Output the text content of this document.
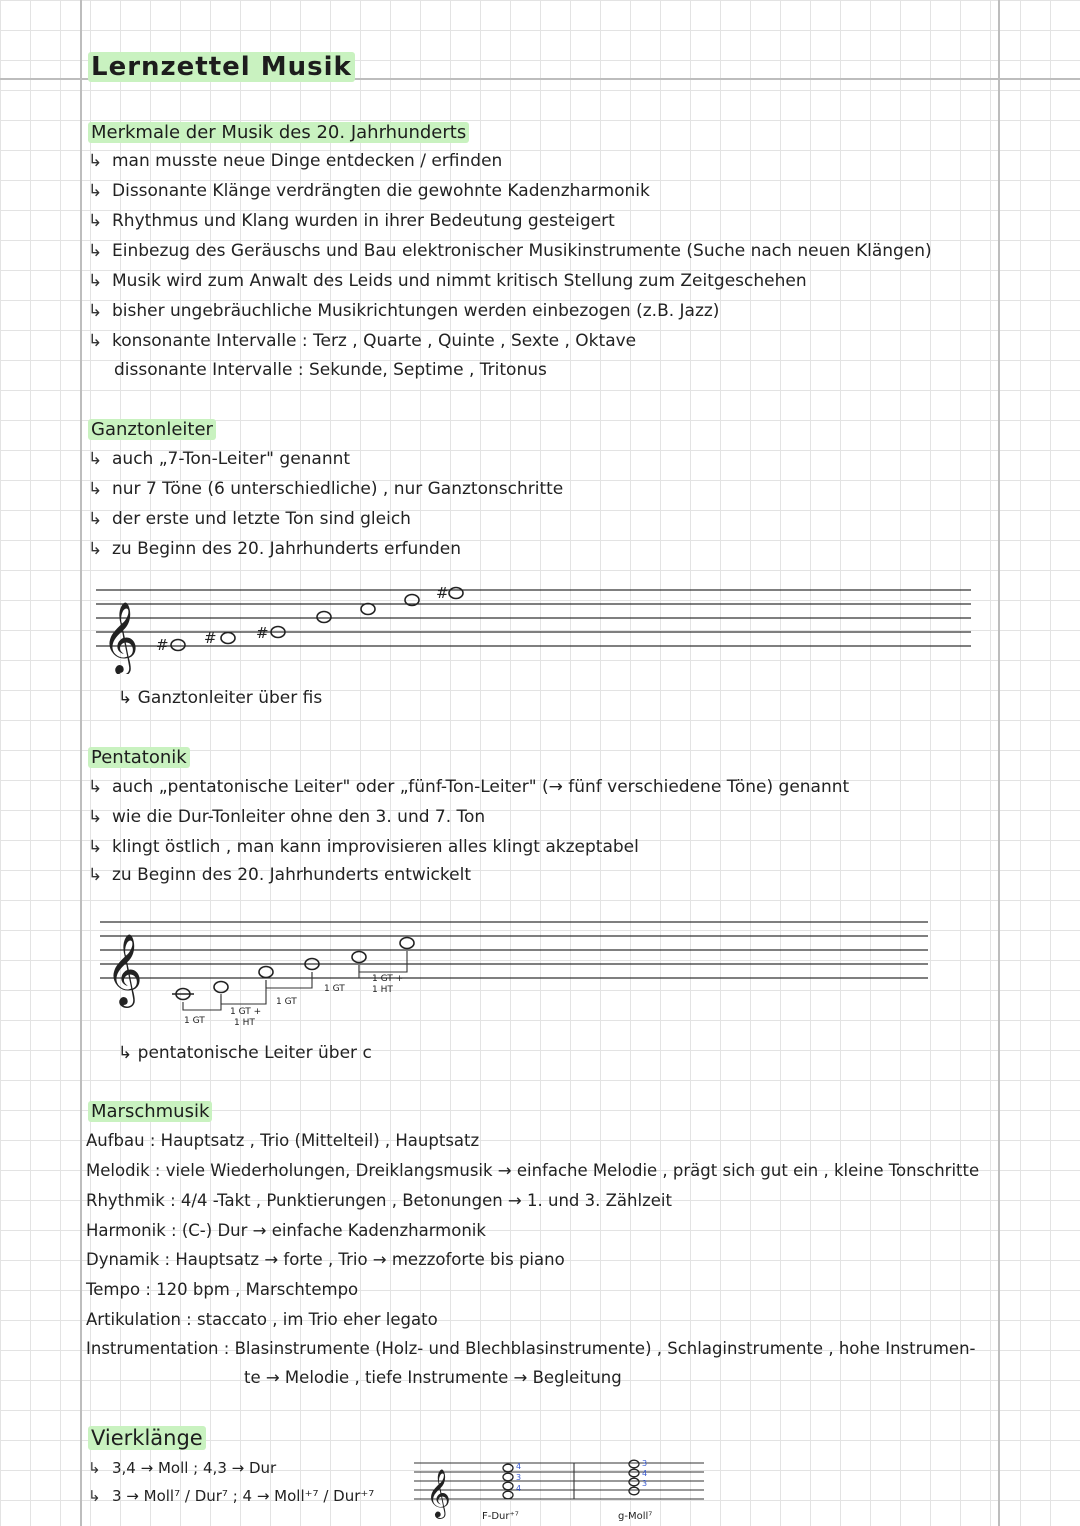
Lernzettel Musik
Merkmale der Musik des 20. Jahrhunderts
↳ man musste neue Dinge entdecken / erfinden
↳ Dissonante Klänge verdrängten die gewohnte Kadenzharmonik
↳ Rhythmus und Klang wurden in ihrer Bedeutung gesteigert
↳ Einbezug des Geräuschs und Bau elektronischer Musikinstrumente (Suche nach neuen Klängen)
↳ Musik wird zum Anwalt des Leids und nimmt kritisch Stellung zum Zeitgeschehen
↳ bisher ungebräuchliche Musikrichtungen werden einbezogen (z.B. Jazz)
↳ konsonante Intervalle : Terz , Quarte , Quinte , Sexte , Oktave
dissonante Intervalle : Sekunde, Septime , Tritonus
Ganztonleiter
↳ auch „7-Ton-Leiter" genannt
↳ nur 7 Töne (6 unterschiedliche) , nur Ganztonschritte
↳ der erste und letzte Ton sind gleich
↳ zu Beginn des 20. Jahrhunderts erfunden
𝄞 # #	#
#
↳ Ganztonleiter über fis
Pentatonik
↳ auch „pentatonische Leiter" oder „fünf-Ton-Leiter" (→ fünf verschiedene Töne) genannt
↳ wie die Dur-Tonleiter ohne den 3. und 7. Ton
↳ klingt östlich , man kann improvisieren alles klingt akzeptabel
↳ zu Beginn des 20. Jahrhunderts entwickelt
𝄞
1 GT
1 GT +
1 HT
1 GT
1 GT
1 GT +
1 HT
↳ pentatonische Leiter über c
Marschmusik
Aufbau : Hauptsatz , Trio (Mittelteil) , Hauptsatz
Melodik : viele Wiederholungen, Dreiklangsmusik → einfache Melodie , prägt sich gut ein , kleine Tonschritte
Rhythmik : 4/4 -Takt , Punktierungen , Betonungen → 1. und 3. Zählzeit
Harmonik : (C-) Dur → einfache Kadenzharmonik
Dynamik : Hauptsatz → forte , Trio → mezzoforte bis piano
Tempo : 120 bpm , Marschtempo
Artikulation : staccato , im Trio eher legato
Instrumentation : Blasinstrumente (Holz- und Blechblasinstrumente) , Schlaginstrumente , hohe Instrumen-
te → Melodie , tiefe Instrumente → Begleitung
Vierklänge
↳ 3,4 → Moll ; 4,3 → Dur
↳ 3 → Moll⁷ / Dur⁷ ; 4 → Moll⁺⁷ / Dur⁺⁷ 𝄞
4
3
4
F-Dur⁺⁷
3
4
3
g-Moll⁷
